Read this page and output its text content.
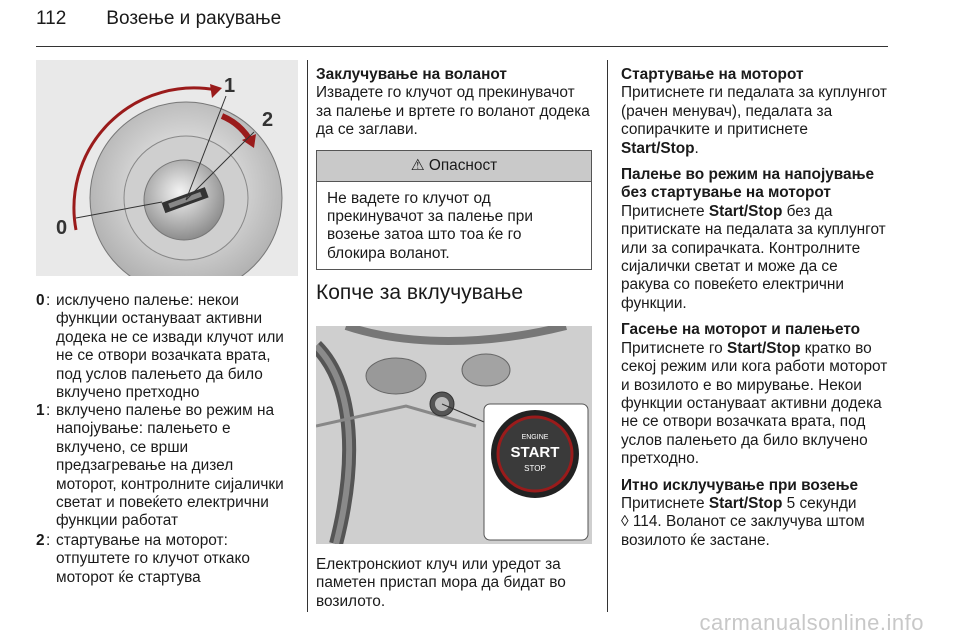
112 Возење и ракување
1
2
0
0 : исклучено палење: некои функции остануваат активни додека не се извади клучот или не се отвори возачката врата, под услов палењето да било вклучено претходно
1 : вклучено палење во режим на напојување: палењето е вклучено, се врши предзагревање на дизел моторот, контролните сијалички светат и повеќето електрични функции работат
2 : стартување на моторот: отпуштете го клучот откако моторот ќе стартува
Заклучување на воланот
Извадете го клучот од прекинувачот за палење и вртете го воланот додека да се заглави.
⚠ Опасност
Не вадете го клучот од прекинувачот за палење при возење затоа што тоа ќе го блокира воланот.
Копче за вклучување
ENGINE
START
STOP
Електронскиот клуч или уредот за паметен пристап мора да бидат во возилото.
Стартување на моторот
Притиснете ги педалата за куплунгот (рачен менувач), педалата за сопирачките и притиснете Start/Stop.
Палење во режим на напојување без стартување на моторот
Притиснете Start/Stop без да притискате на педалата за куплунгот или за сопирачката. Контролните сијалички светат и може да се ракува со повеќето електрични функции.
Гасење на моторот и палењето
Притиснете го Start/Stop кратко во секој режим или кога работи моторот и возилото е во мирување. Некои функции остануваат активни додека не се отвори возачката врата, под услов палењето да било вклучено претходно.
Итно исклучување при возење
Притиснете Start/Stop 5 секунди
◊ 114. Воланот се заклучува штом возилото ќе застане.
carmanualsonline.info
